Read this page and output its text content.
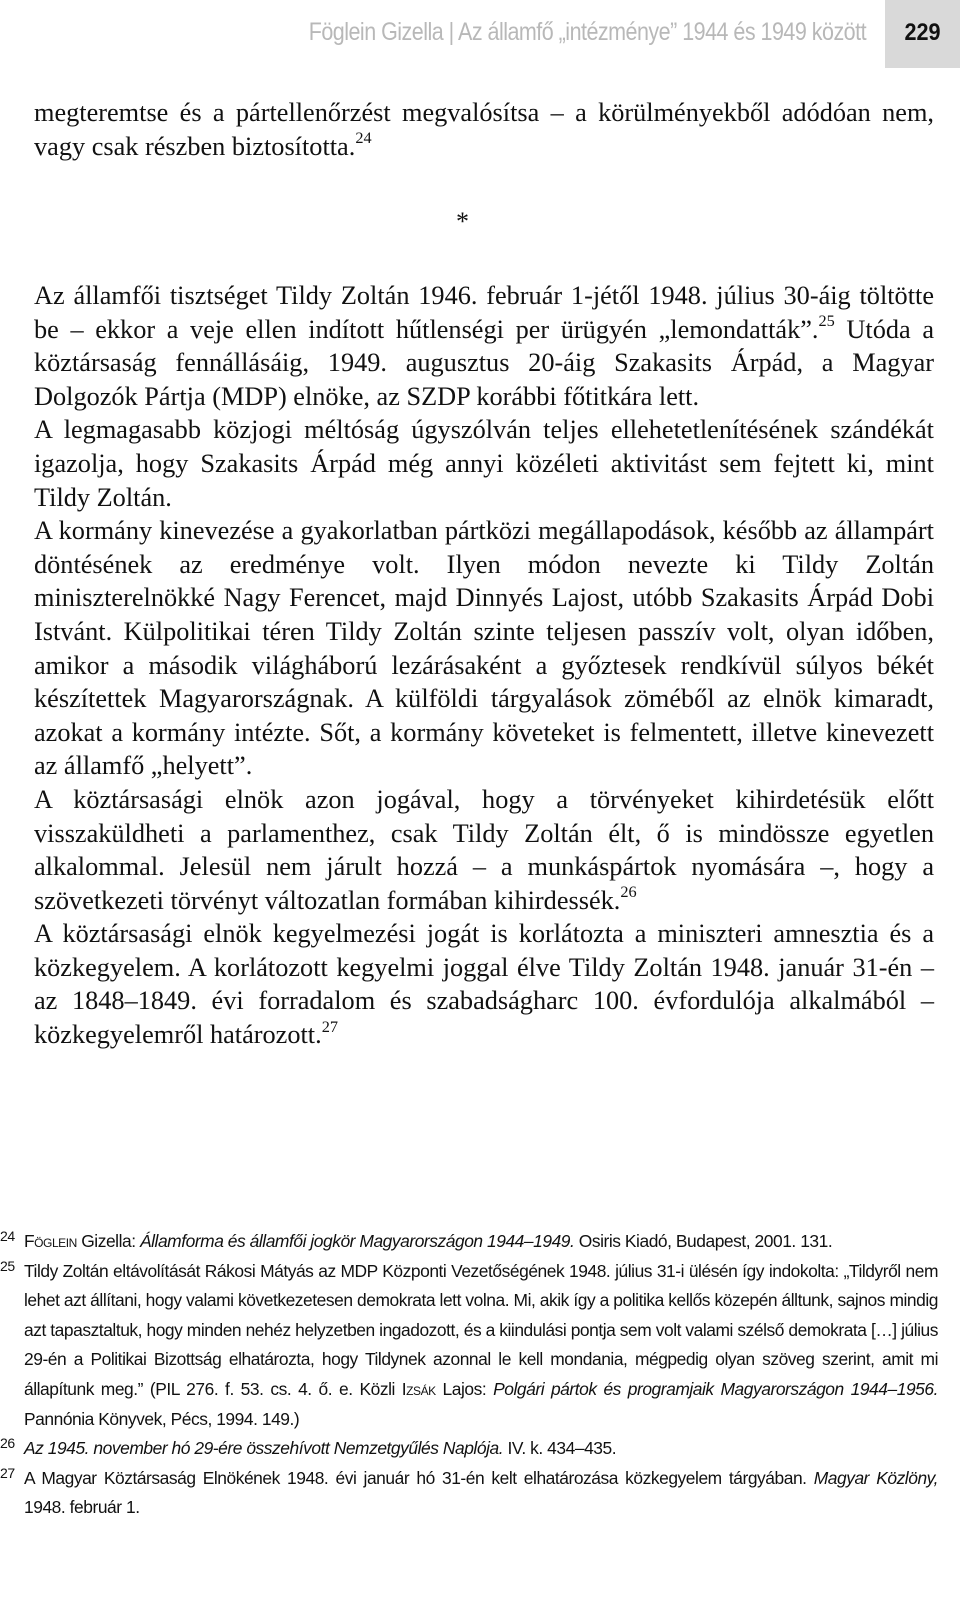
Föglein Gizella | Az államfő „intézménye” 1944 és 1949 között	229

megteremtse és a pártellenőrzést megvalósítsa – a körülményekből adódóan nem, vagy csak részben biztosította.$^{24}$

*

Az államfői tisztséget Tildy Zoltán 1946. február 1-jétől 1948. július 30-áig töltötte be – ekkor a veje ellen indított hűtlenségi per ürügyén „lemondatták”.$^{25}$ Utóda a köztársaság fennállásáig, 1949. augusztus 20-áig Szakasits Árpád, a Magyar Dolgozók Pártja (MDP) elnöke, az SZDP korábbi főtitkára lett.

A legmagasabb közjogi méltóság úgyszólván teljes ellehetetlenítésének szándékát igazolja, hogy Szakasits Árpád még annyi közéleti aktivitást sem fejtett ki, mint Tildy Zoltán.

A kormány kinevezése a gyakorlatban pártközi megállapodások, később az állampárt döntésének az eredménye volt. Ilyen módon nevezte ki Tildy Zoltán miniszterelnökké Nagy Ferencet, majd Dinnyés Lajost, utóbb Szakasits Árpád Dobi Istvánt. Külpolitikai téren Tildy Zoltán szinte teljesen passzív volt, olyan időben, amikor a második világháború lezárásaként a győztesek rendkívül súlyos békét készítettek Magyarországnak. A külföldi tárgyalások zöméből az elnök kimaradt, azokat a kormány intézte. Sőt, a kormány követeket is felmentett, illetve kinevezett az államfő „helyett”.

A köztársasági elnök azon jogával, hogy a törvényeket kihirdetésük előtt visszaküldheti a parlamenthez, csak Tildy Zoltán élt, ő is mindössze egyetlen alkalommal. Jelesül nem járult hozzá – a munkáspártok nyomására –, hogy a szövetkezeti törvényt változatlan formában kihirdessék.$^{26}$

A köztársasági elnök kegyelmezési jogát is korlátozta a miniszteri amnesztia és a közkegyelem. A korlátozott kegyelmi joggal élve Tildy Zoltán 1948. január 31-én – az 1848–1849. évi forradalom és szabadságharc 100. évfordulója alkalmából – közkegyelemről határozott.$^{27}$

24 Föglein Gizella: Államforma és államfői jogkör Magyarországon 1944–1949. Osiris Kiadó, Budapest, 2001. 131.
25 Tildy Zoltán eltávolítását Rákosi Mátyás az MDP Központi Vezetőségének 1948. július 31-i ülésén így indokolta: „Tildyről nem lehet azt állítani, hogy valami következetesen demokrata lett volna. Mi, akik így a politika kellős közepén álltunk, sajnos mindig azt tapasztaltuk, hogy minden nehéz helyzetben ingadozott, és a kiindulási pontja sem volt valami szélső demokrata […] július 29-én a Politikai Bizottság elhatározta, hogy Tildynek azonnal le kell mondania, mégpedig olyan szöveg szerint, amit mi állapítunk meg.” (PIL 276. f. 53. cs. 4. ő. e. Közli Izsák Lajos: Polgári pártok és programjaik Magyarországon 1944–1956. Pannónia Könyvek, Pécs, 1994. 149.)
26 Az 1945. november hó 29-ére összehívott Nemzetgyűlés Naplója. IV. k. 434–435.
27 A Magyar Köztársaság Elnökének 1948. évi január hó 31-én kelt elhatározása közkegyelem tárgyában. Magyar Közlöny, 1948. február 1.
